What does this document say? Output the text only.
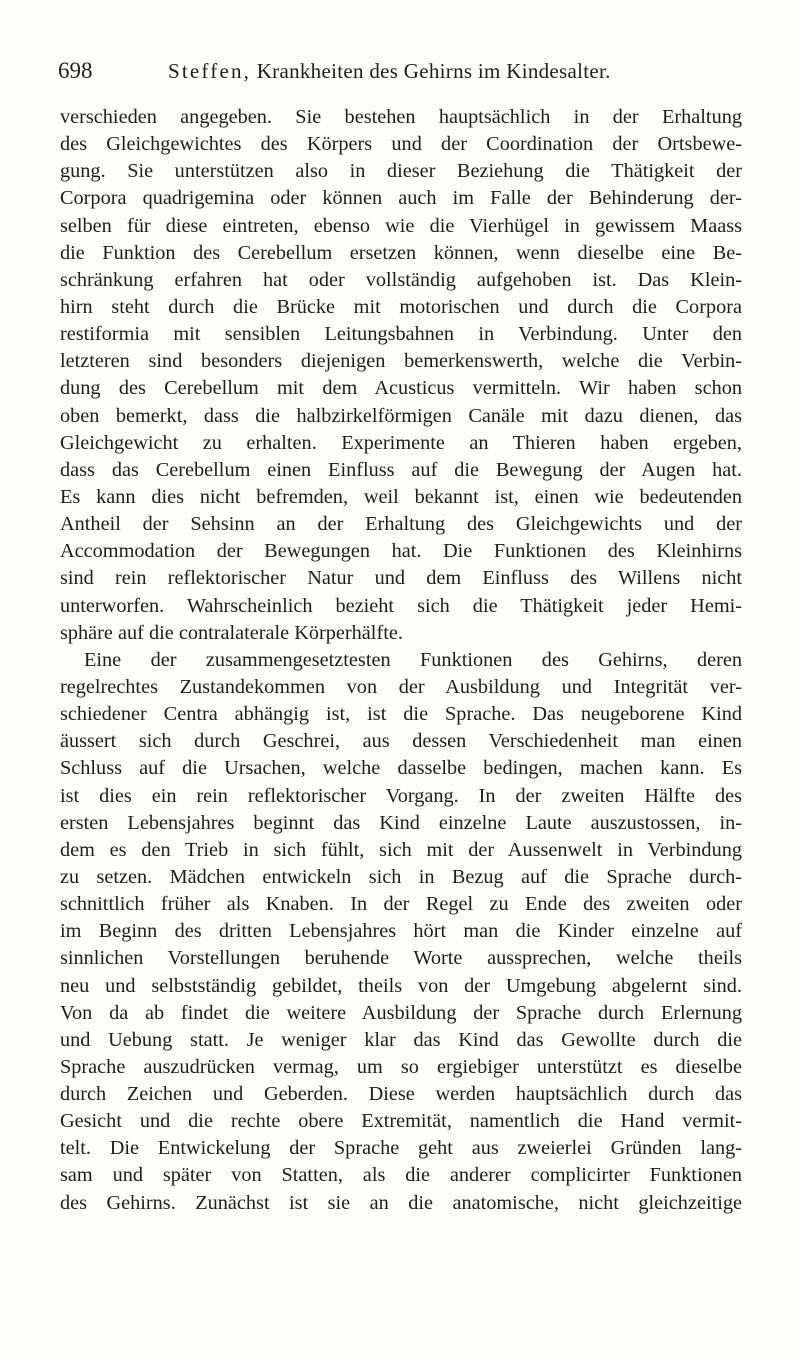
698	Steffen, Krankheiten des Gehirns im Kindesalter.
verschieden angegeben. Sie bestehen hauptsächlich in der Erhaltung
des Gleichgewichtes des Körpers und der Coordination der Ortsbewe-
gung. Sie unterstützen also in dieser Beziehung die Thätigkeit der
Corpora quadrigemina oder können auch im Falle der Behinderung der-
selben für diese eintreten, ebenso wie die Vierhügel in gewissem Maass
die Funktion des Cerebellum ersetzen können, wenn dieselbe eine Be-
schränkung erfahren hat oder vollständig aufgehoben ist. Das Klein-
hirn steht durch die Brücke mit motorischen und durch die Corpora
restiformia mit sensiblen Leitungsbahnen in Verbindung. Unter den
letzteren sind besonders diejenigen bemerkenswerth, welche die Verbin-
dung des Cerebellum mit dem Acusticus vermitteln. Wir haben schon
oben bemerkt, dass die halbzirkelförmigen Canäle mit dazu dienen, das
Gleichgewicht zu erhalten. Experimente an Thieren haben ergeben,
dass das Cerebellum einen Einfluss auf die Bewegung der Augen hat.
Es kann dies nicht befremden, weil bekannt ist, einen wie bedeutenden
Antheil der Sehsinn an der Erhaltung des Gleichgewichts und der
Accommodation der Bewegungen hat. Die Funktionen des Kleinhirns
sind rein reflektorischer Natur und dem Einfluss des Willens nicht
unterworfen. Wahrscheinlich bezieht sich die Thätigkeit jeder Hemi-
sphäre auf die contralaterale Körperhälfte.
Eine der zusammengesetztesten Funktionen des Gehirns, deren
regelrechtes Zustandekommen von der Ausbildung und Integrität ver-
schiedener Centra abhängig ist, ist die Sprache. Das neugeborene Kind
äussert sich durch Geschrei, aus dessen Verschiedenheit man einen
Schluss auf die Ursachen, welche dasselbe bedingen, machen kann. Es
ist dies ein rein reflektorischer Vorgang. In der zweiten Hälfte des
ersten Lebensjahres beginnt das Kind einzelne Laute auszustossen, in-
dem es den Trieb in sich fühlt, sich mit der Aussenwelt in Verbindung
zu setzen. Mädchen entwickeln sich in Bezug auf die Sprache durch-
schnittlich früher als Knaben. In der Regel zu Ende des zweiten oder
im Beginn des dritten Lebensjahres hört man die Kinder einzelne auf
sinnlichen Vorstellungen beruhende Worte aussprechen, welche theils
neu und selbstständig gebildet, theils von der Umgebung abgelernt sind.
Von da ab findet die weitere Ausbildung der Sprache durch Erlernung
und Uebung statt. Je weniger klar das Kind das Gewollte durch die
Sprache auszudrücken vermag, um so ergiebiger unterstützt es dieselbe
durch Zeichen und Geberden. Diese werden hauptsächlich durch das
Gesicht und die rechte obere Extremität, namentlich die Hand vermit-
telt. Die Entwickelung der Sprache geht aus zweierlei Gründen lang-
sam und später von Statten, als die anderer complicirter Funktionen
des Gehirns. Zunächst ist sie an die anatomische, nicht gleichzeitige
